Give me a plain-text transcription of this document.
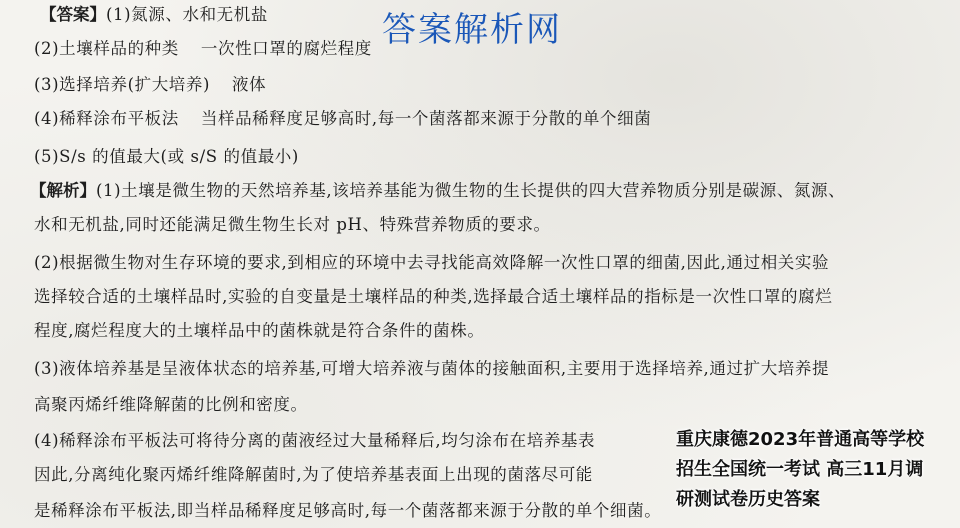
【答案】(1)氮源、水和无机盐	答案解析网
(2)土壤样品的种类 一次性口罩的腐烂程度
(3)选择培养(扩大培养) 液体
(4)稀释涂布平板法 当样品稀释度足够高时,每一个菌落都来源于分散的单个细菌
(5)S/s 的值最大(或 s/S 的值最小)
【解析】(1)土壤是微生物的天然培养基,该培养基能为微生物的生长提供的四大营养物质分别是碳源、氮源、
水和无机盐,同时还能满足微生物生长对 pH、特殊营养物质的要求。
(2)根据微生物对生存环境的要求,到相应的环境中去寻找能高效降解一次性口罩的细菌,因此,通过相关实验
选择较合适的土壤样品时,实验的自变量是土壤样品的种类,选择最合适土壤样品的指标是一次性口罩的腐烂
程度,腐烂程度大的土壤样品中的菌株就是符合条件的菌株。
(3)液体培养基是呈液体状态的培养基,可增大培养液与菌体的接触面积,主要用于选择培养,通过扩大培养提
高聚丙烯纤维降解菌的比例和密度。
(4)稀释涂布平板法可将待分离的菌液经过大量稀释后,均匀涂布在培养基表
因此,分离纯化聚丙烯纤维降解菌时,为了使培养基表面上出现的菌落尽可能
是稀释涂布平板法,即当样品稀释度足够高时,每一个菌落都来源于分散的单个细菌。
重庆康德2023年普通高等学校
招生全国统一考试 高三11月调
研测试卷历史答案
